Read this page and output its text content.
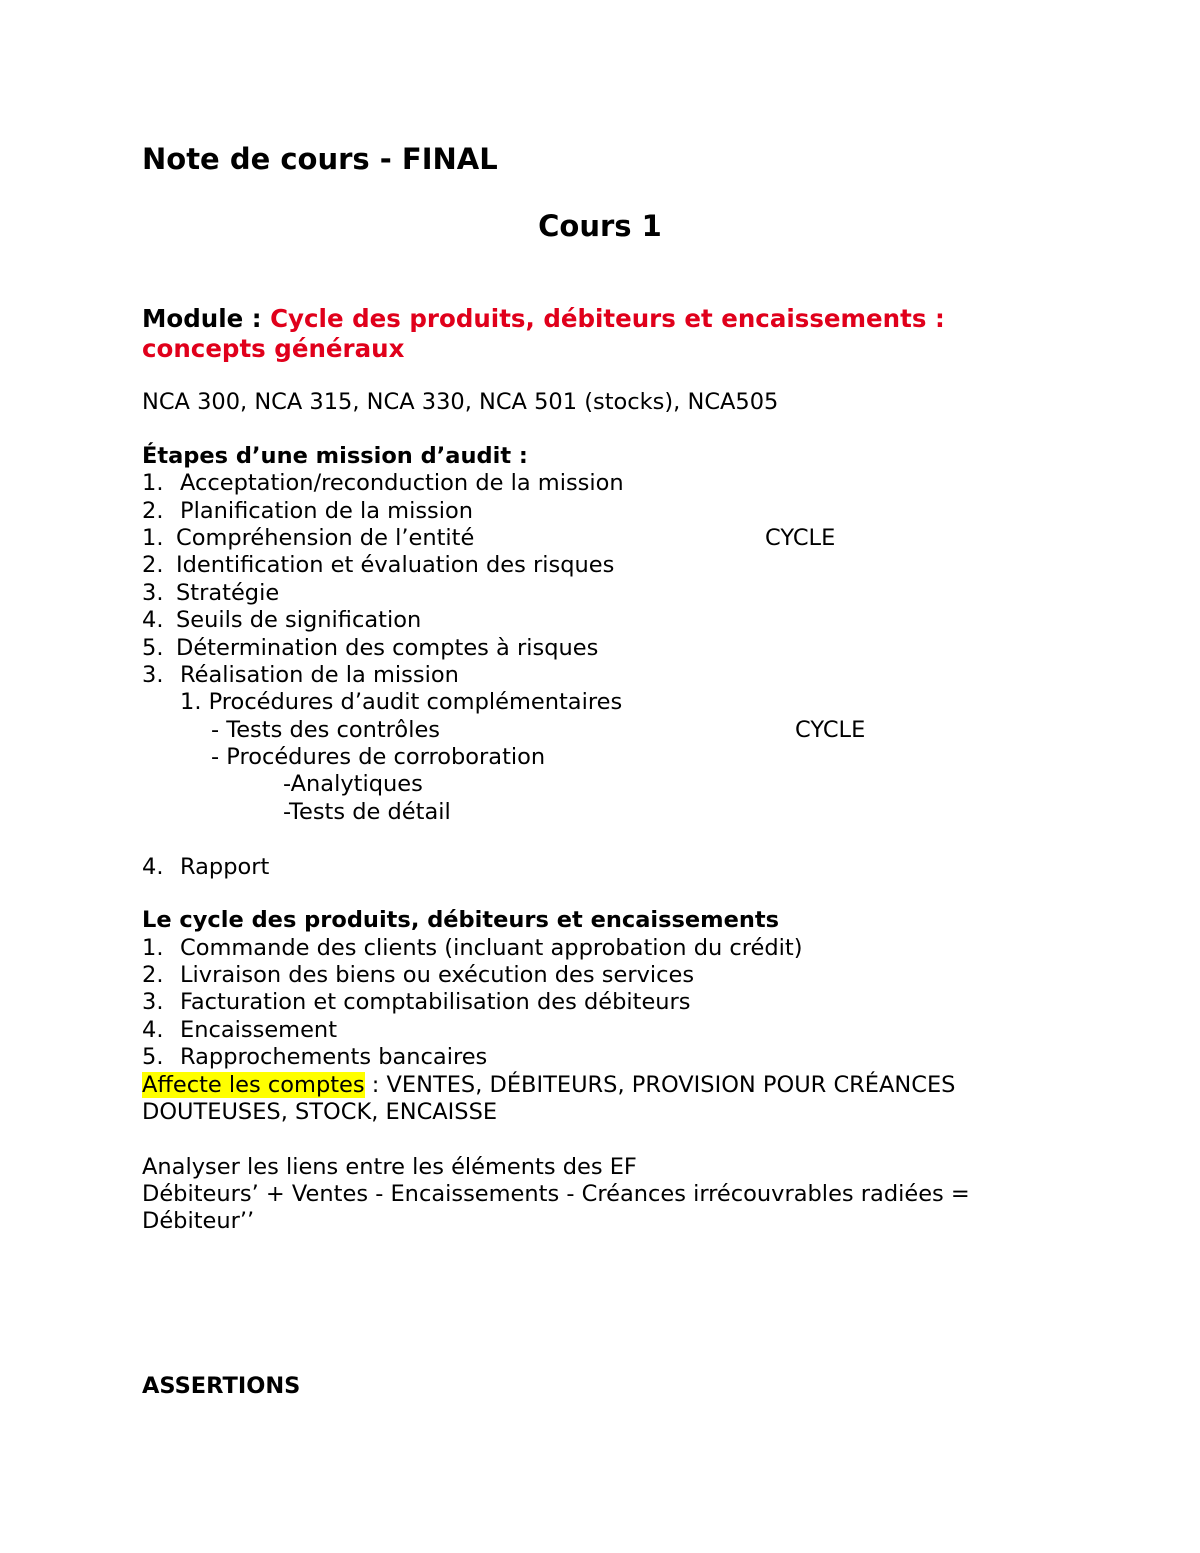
Note de cours - FINAL
Cours 1
Module : Cycle des produits, débiteurs et encaissements :
concepts généraux
NCA 300, NCA 315, NCA 330, NCA 501 (stocks), NCA505
Étapes d’une mission d’audit :
1. Acceptation/reconduction de la mission
2. Planification de la mission
1. Compréhension de l’entité	CYCLE
2. Identification et évaluation des risques
3. Stratégie
4. Seuils de signification
5. Détermination des comptes à risques
3. Réalisation de la mission
1. Procédures d’audit complémentaires
- Tests des contrôles	CYCLE
- Procédures de corroboration
-Analytiques
-Tests de détail
4. Rapport
Le cycle des produits, débiteurs et encaissements
1. Commande des clients (incluant approbation du crédit)
2. Livraison des biens ou exécution des services
3. Facturation et comptabilisation des débiteurs
4. Encaissement
5. Rapprochements bancaires
Affecte les comptes : VENTES, DÉBITEURS, PROVISION POUR CRÉANCES
DOUTEUSES, STOCK, ENCAISSE
Analyser les liens entre les éléments des EF
Débiteurs’ + Ventes - Encaissements - Créances irrécouvrables radiées =
Débiteur’’
ASSERTIONS
